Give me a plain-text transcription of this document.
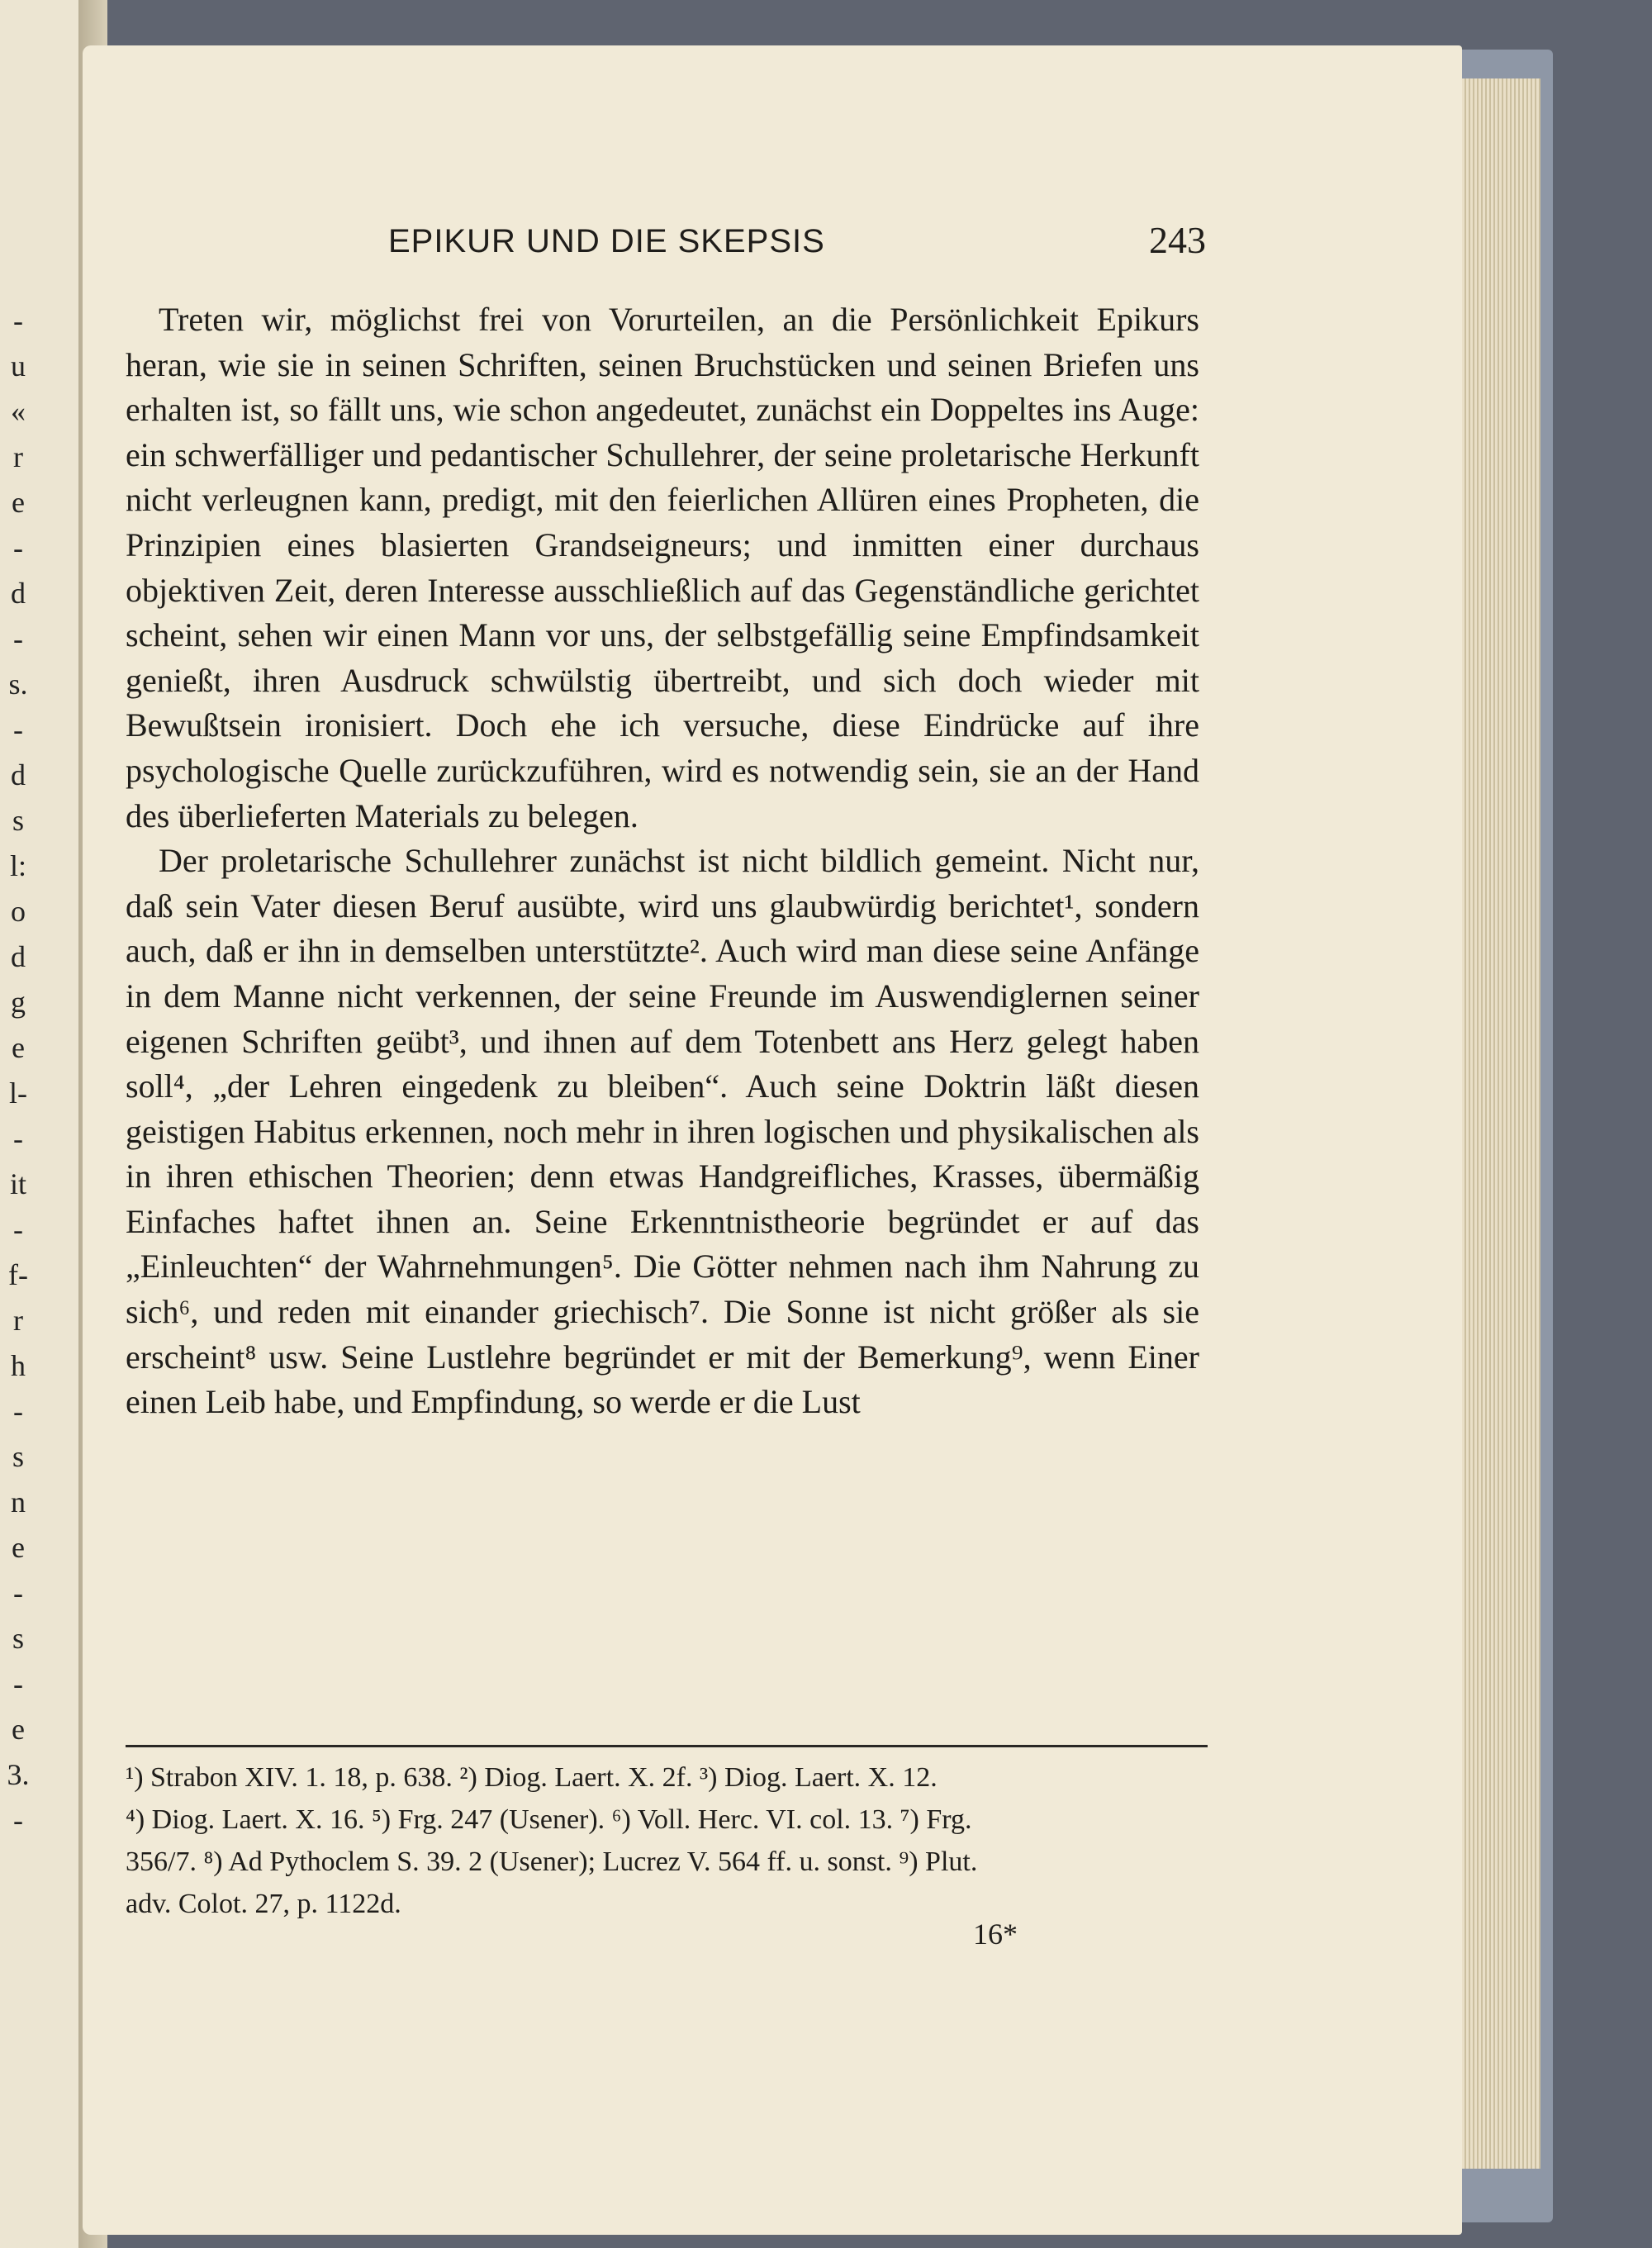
-
u
«
r
e
-
d
-
s.
-
d
s
l:
o
d
g
e
l-
-
it
-
f-
r
h
-
s
n
e
-
s
-
e
3.
-
EPIKUR UND DIE SKEPSIS	243

Treten wir, möglichst frei von Vorurteilen, an die Persönlichkeit Epikurs heran, wie sie in seinen Schriften, seinen Bruchstücken und seinen Briefen uns erhalten ist, so fällt uns, wie schon angedeutet, zunächst ein Doppeltes ins Auge: ein schwerfälliger und pedantischer Schullehrer, der seine proletarische Herkunft nicht verleugnen kann, predigt, mit den feierlichen Allüren eines Propheten, die Prinzipien eines blasierten Grandseigneurs; und inmitten einer durchaus objektiven Zeit, deren Interesse ausschließlich auf das Gegenständliche gerichtet scheint, sehen wir einen Mann vor uns, der selbstgefällig seine Empfindsamkeit genießt, ihren Ausdruck schwülstig übertreibt, und sich doch wieder mit Bewußtsein ironisiert. Doch ehe ich versuche, diese Eindrücke auf ihre psychologische Quelle zurückzuführen, wird es notwendig sein, sie an der Hand des überlieferten Materials zu belegen.

Der proletarische Schullehrer zunächst ist nicht bildlich gemeint. Nicht nur, daß sein Vater diesen Beruf ausübte, wird uns glaubwürdig berichtet¹, sondern auch, daß er ihn in demselben unterstützte². Auch wird man diese seine Anfänge in dem Manne nicht verkennen, der seine Freunde im Auswendiglernen seiner eigenen Schriften geübt³, und ihnen auf dem Totenbett ans Herz gelegt haben soll⁴, „der Lehren eingedenk zu bleiben“. Auch seine Doktrin läßt diesen geistigen Habitus erkennen, noch mehr in ihren logischen und physikalischen als in ihren ethischen Theorien; denn etwas Handgreifliches, Krasses, übermäßig Einfaches haftet ihnen an. Seine Erkenntnistheorie begründet er auf das „Einleuchten“ der Wahrnehmungen⁵. Die Götter nehmen nach ihm Nahrung zu sich⁶, und reden mit einander griechisch⁷. Die Sonne ist nicht größer als sie erscheint⁸ usw. Seine Lustlehre begründet er mit der Bemerkung⁹, wenn Einer einen Leib habe, und Empfindung, so werde er die Lust

¹) Strabon XIV. 1. 18, p. 638. ²) Diog. Laert. X. 2f. ³) Diog. Laert. X. 12.
⁴) Diog. Laert. X. 16. ⁵) Frg. 247 (Usener). ⁶) Voll. Herc. VI. col. 13. ⁷) Frg.
356/7. ⁸) Ad Pythoclem S. 39. 2 (Usener); Lucrez V. 564 ff. u. sonst. ⁹) Plut.
adv. Colot. 27, p. 1122d.
16*
